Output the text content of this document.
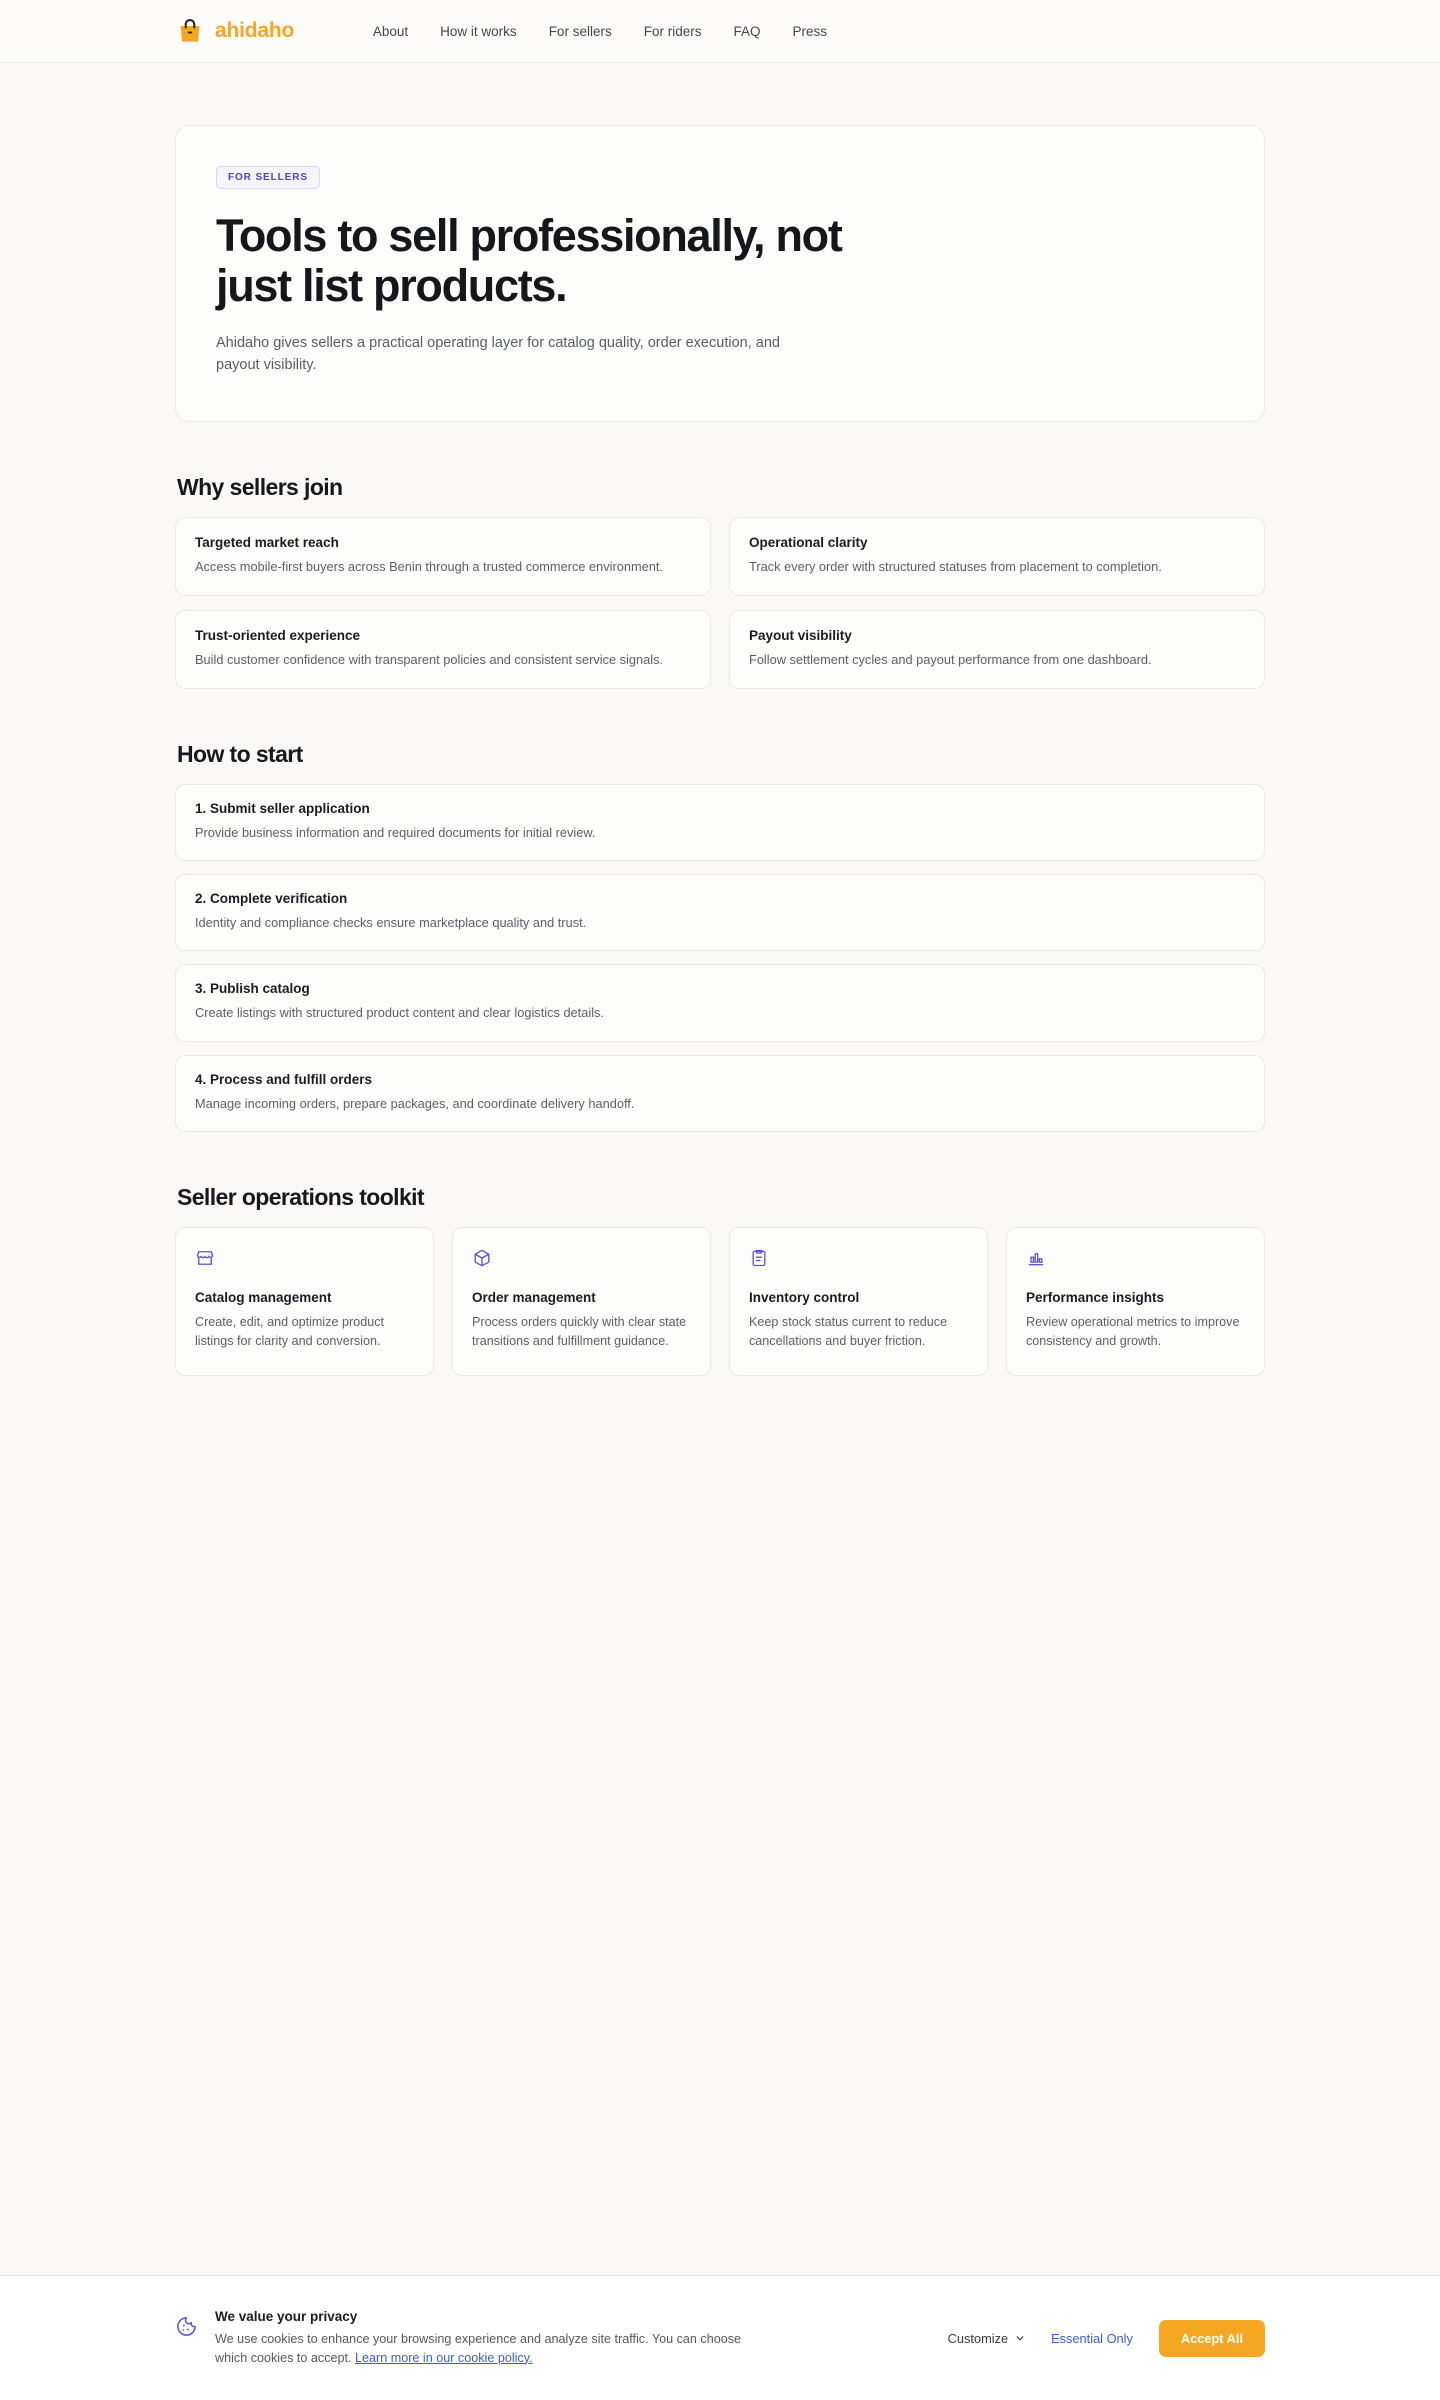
ahidaho	About How it works For sellers For riders FAQ Press
FOR SELLERS
Tools to sell professionally, not just list products.

Ahidaho gives sellers a practical operating layer for catalog quality, order execution, and payout visibility.

Why sellers join
Targeted market reach
Access mobile-first buyers across Benin through a trusted commerce environment.
Operational clarity
Track every order with structured statuses from placement to completion.
Trust-oriented experience
Build customer confidence with transparent policies and consistent service signals.
Payout visibility
Follow settlement cycles and payout performance from one dashboard.
How to start
1. Submit seller application
Provide business information and required documents for initial review.
2. Complete verification
Identity and compliance checks ensure marketplace quality and trust.
3. Publish catalog
Create listings with structured product content and clear logistics details.
4. Process and fulfill orders
Manage incoming orders, prepare packages, and coordinate delivery handoff.
Seller operations toolkit
Catalog management
Create, edit, and optimize product listings for clarity and conversion.
Order management
Process orders quickly with clear state transitions and fulfillment guidance.
Inventory control
Keep stock status current to reduce cancellations and buyer friction.
Performance insights
Review operational metrics to improve consistency and growth.
We value your privacy
We use cookies to enhance your browsing experience and analyze site traffic. You can choose which cookies to accept. Learn more in our cookie policy.
Customize	Essential Only	Accept All
